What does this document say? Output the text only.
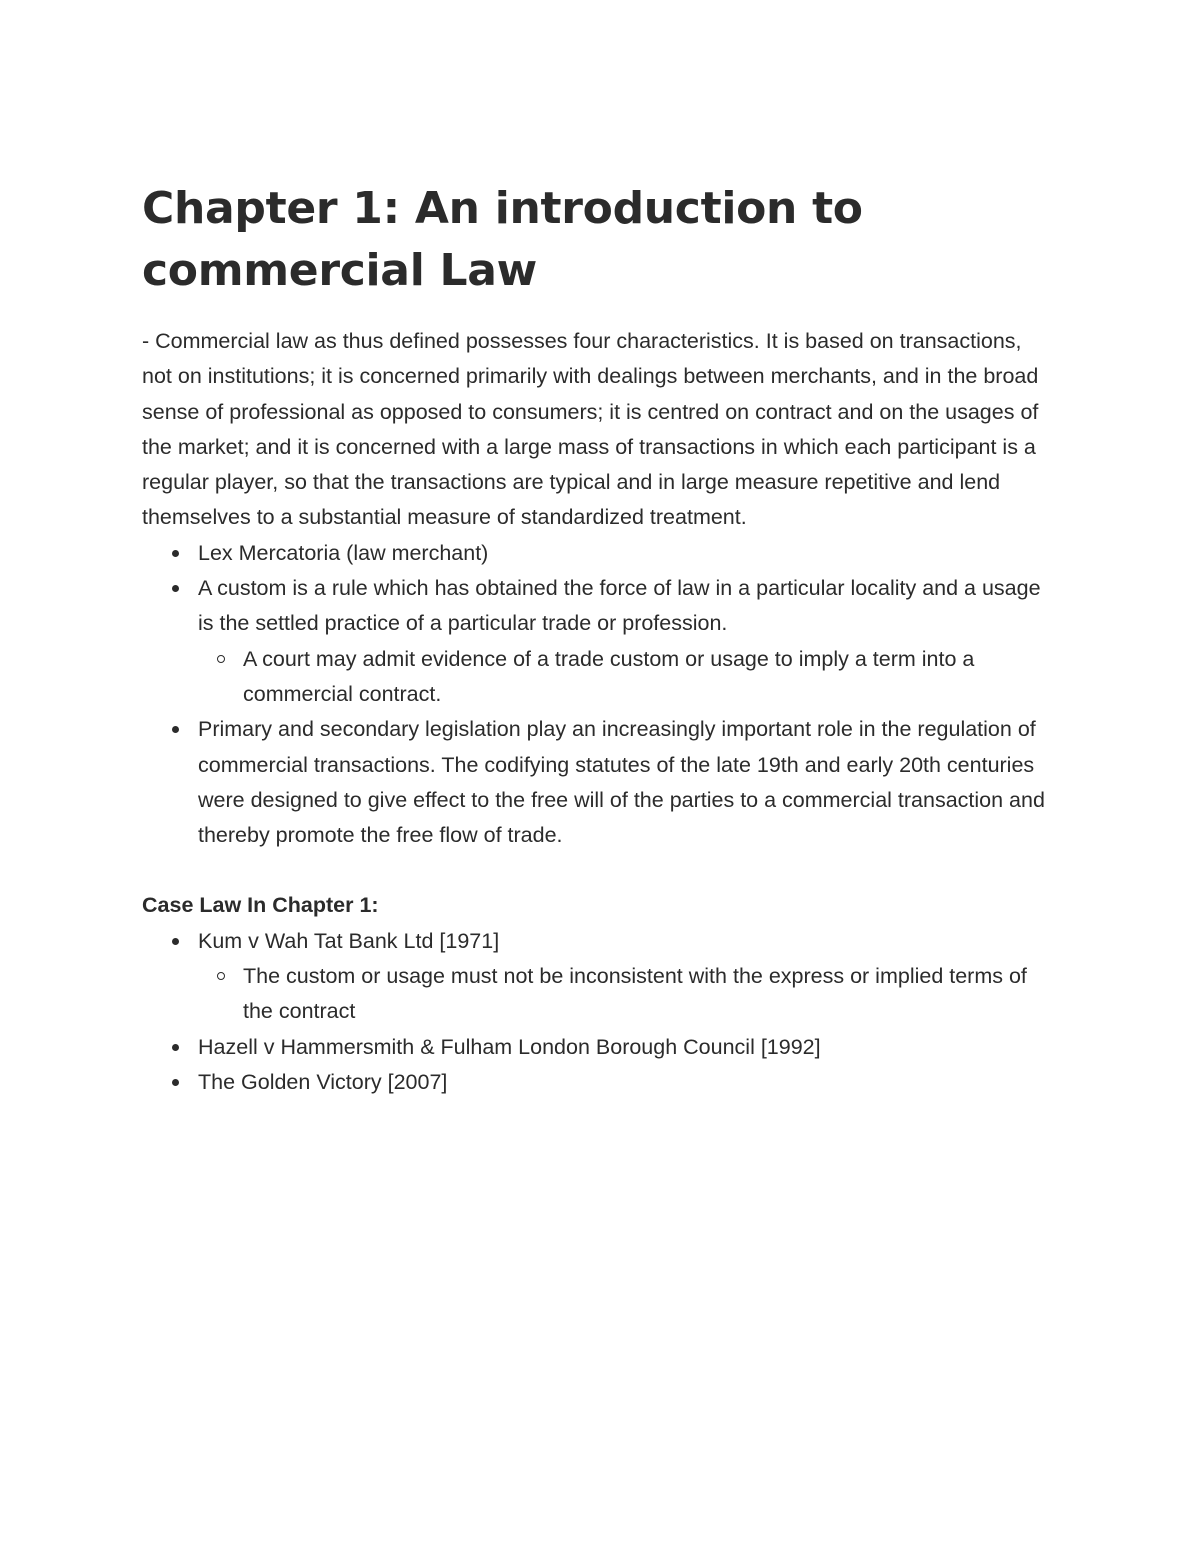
Chapter 1: An introduction to commercial Law

- Commercial law as thus defined possesses four characteristics. It is based on transactions, not on institutions; it is concerned primarily with dealings between merchants, and in the broad sense of professional as opposed to consumers; it is centred on contract and on the usages of the market; and it is concerned with a large mass of transactions in which each participant is a regular player, so that the transactions are typical and in large measure repetitive and lend themselves to a substantial measure of standardized treatment.

Lex Mercatoria (law merchant)
A custom is a rule which has obtained the force of law in a particular locality and a usage is the settled practice of a particular trade or profession.
A court may admit evidence of a trade custom or usage to imply a term into a commercial contract.
Primary and secondary legislation play an increasingly important role in the regulation of commercial transactions. The codifying statutes of the late 19th and early 20th centuries were designed to give effect to the free will of the parties to a commercial transaction and thereby promote the free flow of trade.

Case Law In Chapter 1:

Kum v Wah Tat Bank Ltd [1971]
The custom or usage must not be inconsistent with the express or implied terms of the contract
Hazell v Hammersmith & Fulham London Borough Council [1992]
The Golden Victory [2007]
